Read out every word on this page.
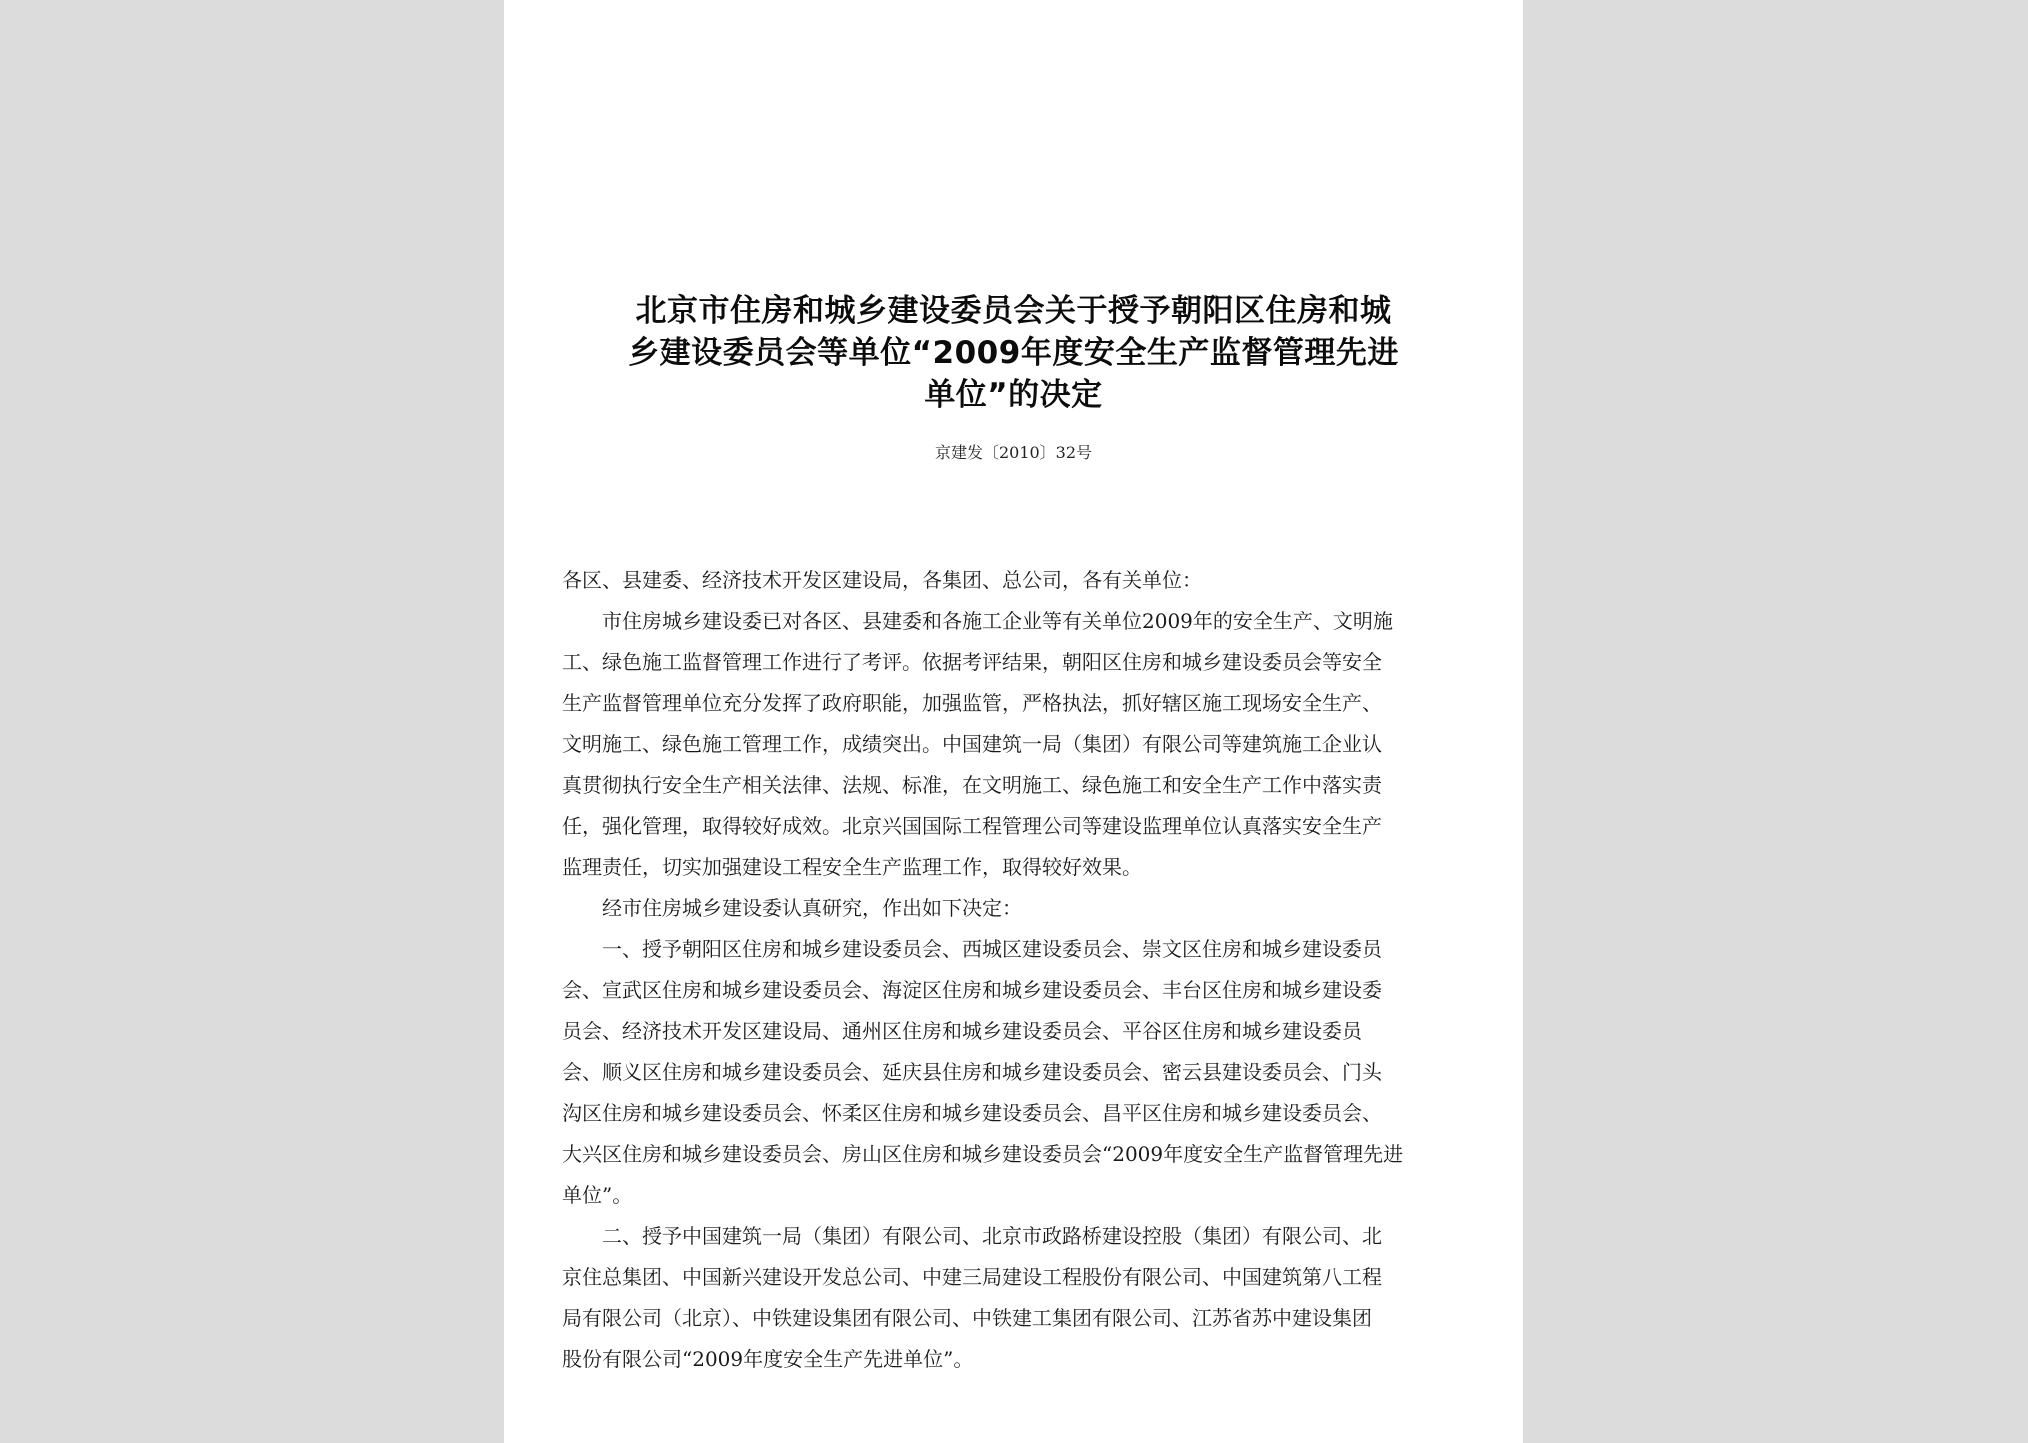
北京市住房和城乡建设委员会关于授予朝阳区住房和城
乡建设委员会等单位“2009年度安全生产监督管理先进
单位”的决定
京建发〔2010〕32号
各区、县建委、经济技术开发区建设局，各集团、总公司，各有关单位：
市住房城乡建设委已对各区、县建委和各施工企业等有关单位2009年的安全生产、文明施
工、绿色施工监督管理工作进行了考评。依据考评结果，朝阳区住房和城乡建设委员会等安全
生产监督管理单位充分发挥了政府职能，加强监管，严格执法，抓好辖区施工现场安全生产、
文明施工、绿色施工管理工作，成绩突出。中国建筑一局（集团）有限公司等建筑施工企业认
真贯彻执行安全生产相关法律、法规、标准，在文明施工、绿色施工和安全生产工作中落实责
任，强化管理，取得较好成效。北京兴国国际工程管理公司等建设监理单位认真落实安全生产
监理责任，切实加强建设工程安全生产监理工作，取得较好效果。
经市住房城乡建设委认真研究，作出如下决定：
一、授予朝阳区住房和城乡建设委员会、西城区建设委员会、崇文区住房和城乡建设委员
会、宣武区住房和城乡建设委员会、海淀区住房和城乡建设委员会、丰台区住房和城乡建设委
员会、经济技术开发区建设局、通州区住房和城乡建设委员会、平谷区住房和城乡建设委员
会、顺义区住房和城乡建设委员会、延庆县住房和城乡建设委员会、密云县建设委员会、门头
沟区住房和城乡建设委员会、怀柔区住房和城乡建设委员会、昌平区住房和城乡建设委员会、
大兴区住房和城乡建设委员会、房山区住房和城乡建设委员会“2009年度安全生产监督管理先进
单位”。
二、授予中国建筑一局（集团）有限公司、北京市政路桥建设控股（集团）有限公司、北
京住总集团、中国新兴建设开发总公司、中建三局建设工程股份有限公司、中国建筑第八工程
局有限公司（北京）、中铁建设集团有限公司、中铁建工集团有限公司、江苏省苏中建设集团
股份有限公司“2009年度安全生产先进单位”。
